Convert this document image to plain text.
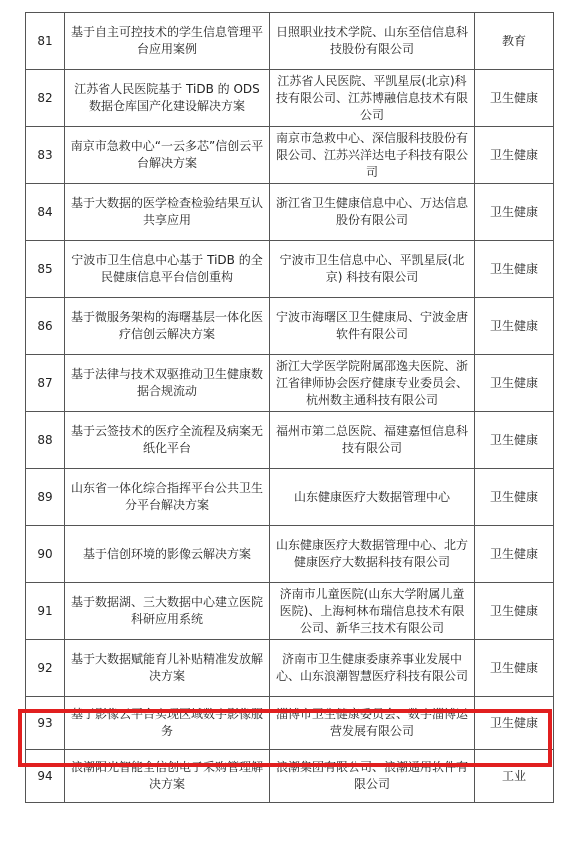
81	基于自主可控技术的学生信息管理平台应用案例	日照职业技术学院、山东至信信息科技股份有限公司	教育
82	江苏省人民医院基于 TiDB 的 ODS 数据仓库国产化建设解决方案	江苏省人民医院、平凯星辰(北京)科技有限公司、江苏博融信息技术有限公司	卫生健康
83	南京市急救中心“一云多芯”信创云平台解决方案	南京市急救中心、深信服科技股份有限公司、江苏兴洋达电子科技有限公司	卫生健康
84	基于大数据的医学检查检验结果互认共享应用	浙江省卫生健康信息中心、万达信息股份有限公司	卫生健康
85	宁波市卫生信息中心基于 TiDB 的全民健康信息平台信创重构	宁波市卫生信息中心、平凯星辰(北京) 科技有限公司	卫生健康
86	基于微服务架构的海曙基层一体化医疗信创云解决方案	宁波市海曙区卫生健康局、宁波金唐软件有限公司	卫生健康
87	基于法律与技术双驱推动卫生健康数据合规流动	浙江大学医学院附属邵逸夫医院、浙江省律师协会医疗健康专业委员会、杭州数主通科技有限公司	卫生健康
88	基于云签技术的医疗全流程及病案无纸化平台	福州市第二总医院、福建嘉恒信息科技有限公司	卫生健康
89	山东省一体化综合指挥平台公共卫生分平台解决方案	山东健康医疗大数据管理中心	卫生健康
90	基于信创环境的影像云解决方案	山东健康医疗大数据管理中心、北方健康医疗大数据科技有限公司	卫生健康
91	基于数据湖、三大数据中心建立医院科研应用系统	济南市儿童医院(山东大学附属儿童医院)、上海柯林布瑞信息技术有限公司、新华三技术有限公司	卫生健康
92	基于大数据赋能育儿补贴精准发放解决方案	济南市卫生健康委康养事业发展中心、山东浪潮智慧医疗科技有限公司	卫生健康
93	基于影像云平台实现区域数字影像服务	淄博市卫生健康委员会、数字淄博运营发展有限公司	卫生健康
94	浪潮阳光智能全信创电子采购管理解决方案	浪潮集团有限公司、浪潮通用软件有限公司	工业
